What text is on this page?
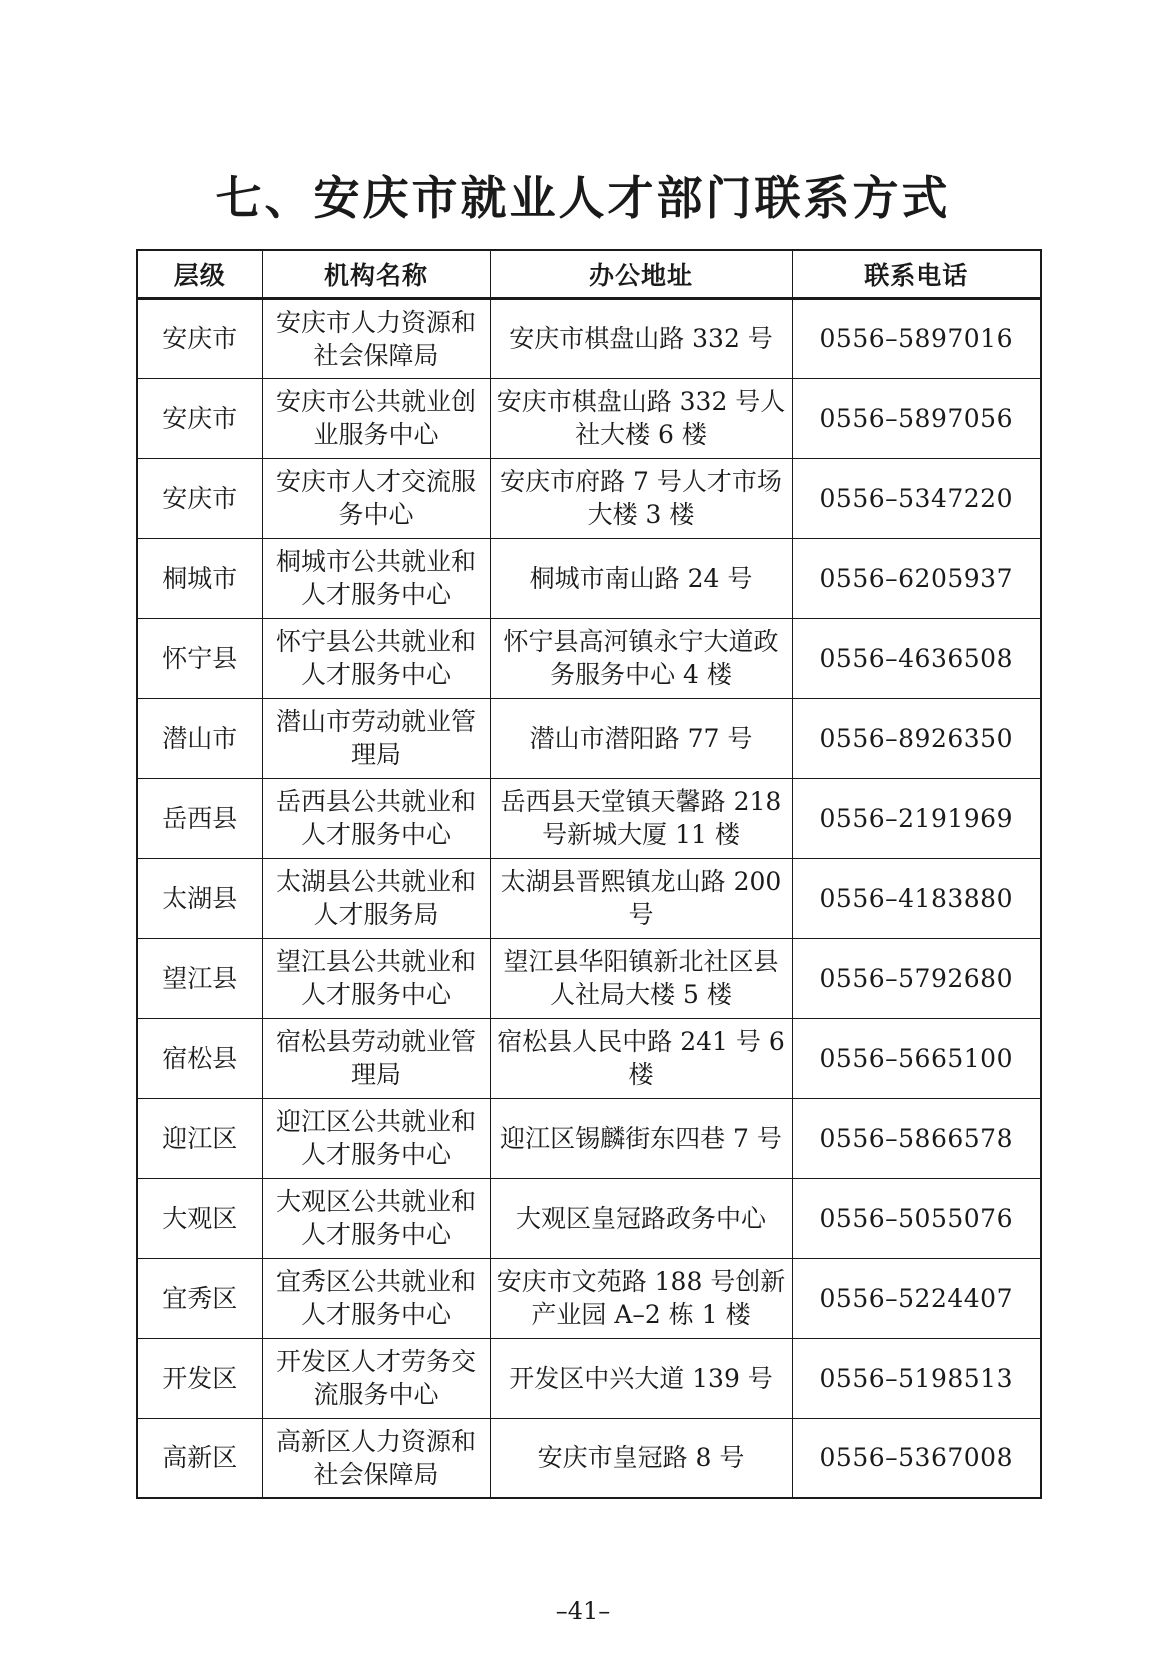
七、安庆市就业人才部门联系方式
层级	机构名称	办公地址	联系电话
安庆市	安庆市人力资源和社会保障局	安庆市棋盘山路 332 号	0556–5897016
安庆市	安庆市公共就业创业服务中心	安庆市棋盘山路 332 号人社大楼 6 楼	0556–5897056
安庆市	安庆市人才交流服务中心	安庆市府路 7 号人才市场大楼 3 楼	0556–5347220
桐城市	桐城市公共就业和人才服务中心	桐城市南山路 24 号	0556–6205937
怀宁县	怀宁县公共就业和人才服务中心	怀宁县高河镇永宁大道政务服务中心 4 楼	0556–4636508
潜山市	潜山市劳动就业管理局	潜山市潜阳路 77 号	0556–8926350
岳西县	岳西县公共就业和人才服务中心	岳西县天堂镇天馨路 218 号新城大厦 11 楼	0556–2191969
太湖县	太湖县公共就业和人才服务局	太湖县晋熙镇龙山路 200 号	0556–4183880
望江县	望江县公共就业和人才服务中心	望江县华阳镇新北社区县人社局大楼 5 楼	0556–5792680
宿松县	宿松县劳动就业管理局	宿松县人民中路 241 号 6 楼	0556–5665100
迎江区	迎江区公共就业和人才服务中心	迎江区锡麟街东四巷 7 号	0556–5866578
大观区	大观区公共就业和人才服务中心	大观区皇冠路政务中心	0556–5055076
宜秀区	宜秀区公共就业和人才服务中心	安庆市文苑路 188 号创新产业园 A–2 栋 1 楼	0556–5224407
开发区	开发区人才劳务交流服务中心	开发区中兴大道 139 号	0556–5198513
高新区	高新区人力资源和社会保障局	安庆市皇冠路 8 号	0556–5367008
–41–
